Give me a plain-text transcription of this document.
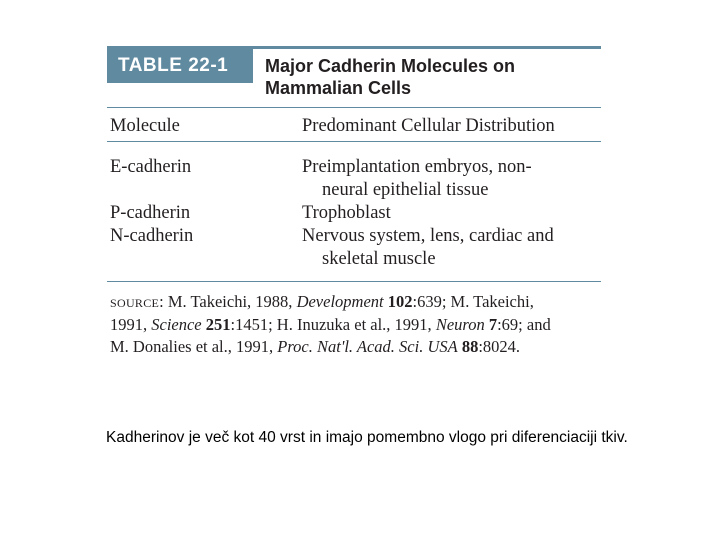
TABLE 22-1	Major Cadherin Molecules on
Mammalian Cells
Molecule	Predominant Cellular Distribution
E-cadherin	Preimplantation embryos, non-
neural epithelial tissue
P-cadherin	Trophoblast
N-cadherin	Nervous system, lens, cardiac and
skeletal muscle
SOURCE: M. Takeichi, 1988, Development 102:639; M. Takeichi,
1991, Science 251:1451; H. Inuzuka et al., 1991, Neuron 7:69; and
M. Donalies et al., 1991, Proc. Nat'l. Acad. Sci. USA 88:8024.
Kadherinov je več kot 40 vrst in imajo pomembno vlogo pri diferenciaciji tkiv.
